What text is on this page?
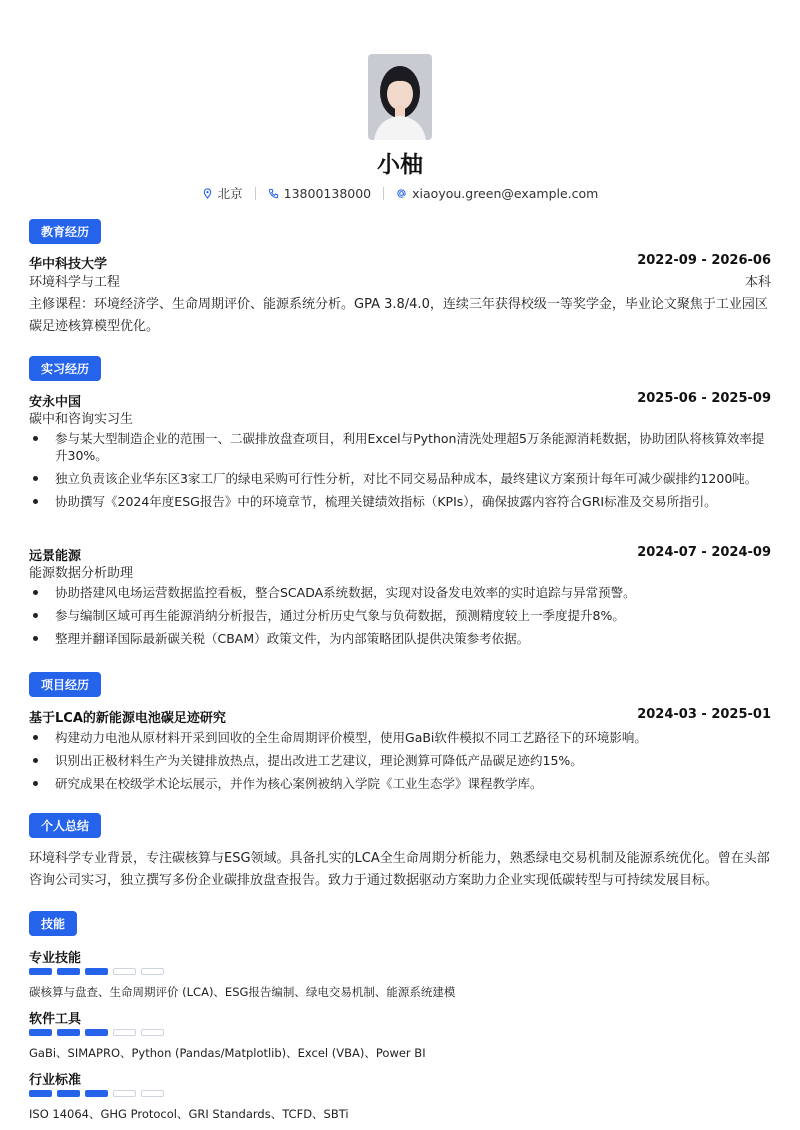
小柚
北京	13800138000	xiaoyou.green@example.com
教育经历
华中科技大学	2022-09 - 2026-06
环境科学与工程	本科
主修课程：环境经济学、生命周期评价、能源系统分析。GPA 3.8/4.0，连续三年获得校级一等奖学金，毕业论文聚焦于工业园区碳足迹核算模型优化。
实习经历
安永中国	2025-06 - 2025-09
碳中和咨询实习生
参与某大型制造企业的范围一、二碳排放盘查项目，利用Excel与Python清洗处理超5万条能源消耗数据，协助团队将核算效率提升30%。
独立负责该企业华东区3家工厂的绿电采购可行性分析，对比不同交易品种成本，最终建议方案预计每年可减少碳排约1200吨。
协助撰写《2024年度ESG报告》中的环境章节，梳理关键绩效指标（KPIs），确保披露内容符合GRI标准及交易所指引。
远景能源	2024-07 - 2024-09
能源数据分析助理
协助搭建风电场运营数据监控看板，整合SCADA系统数据，实现对设备发电效率的实时追踪与异常预警。
参与编制区域可再生能源消纳分析报告，通过分析历史气象与负荷数据，预测精度较上一季度提升8%。
整理并翻译国际最新碳关税（CBAM）政策文件，为内部策略团队提供决策参考依据。
项目经历
基于LCA的新能源电池碳足迹研究	2024-03 - 2025-01
构建动力电池从原材料开采到回收的全生命周期评价模型，使用GaBi软件模拟不同工艺路径下的环境影响。
识别出正极材料生产为关键排放热点，提出改进工艺建议，理论测算可降低产品碳足迹约15%。
研究成果在校级学术论坛展示，并作为核心案例被纳入学院《工业生态学》课程教学库。
个人总结
环境科学专业背景，专注碳核算与ESG领域。具备扎实的LCA全生命周期分析能力，熟悉绿电交易机制及能源系统优化。曾在头部咨询公司实习，独立撰写多份企业碳排放盘查报告。致力于通过数据驱动方案助力企业实现低碳转型与可持续发展目标。
技能
专业技能
碳核算与盘查、生命周期评价 (LCA)、ESG报告编制、绿电交易机制、能源系统建模
软件工具
GaBi、SIMAPRO、Python (Pandas/Matplotlib)、Excel (VBA)、Power BI
行业标准
ISO 14064、GHG Protocol、GRI Standards、TCFD、SBTi
